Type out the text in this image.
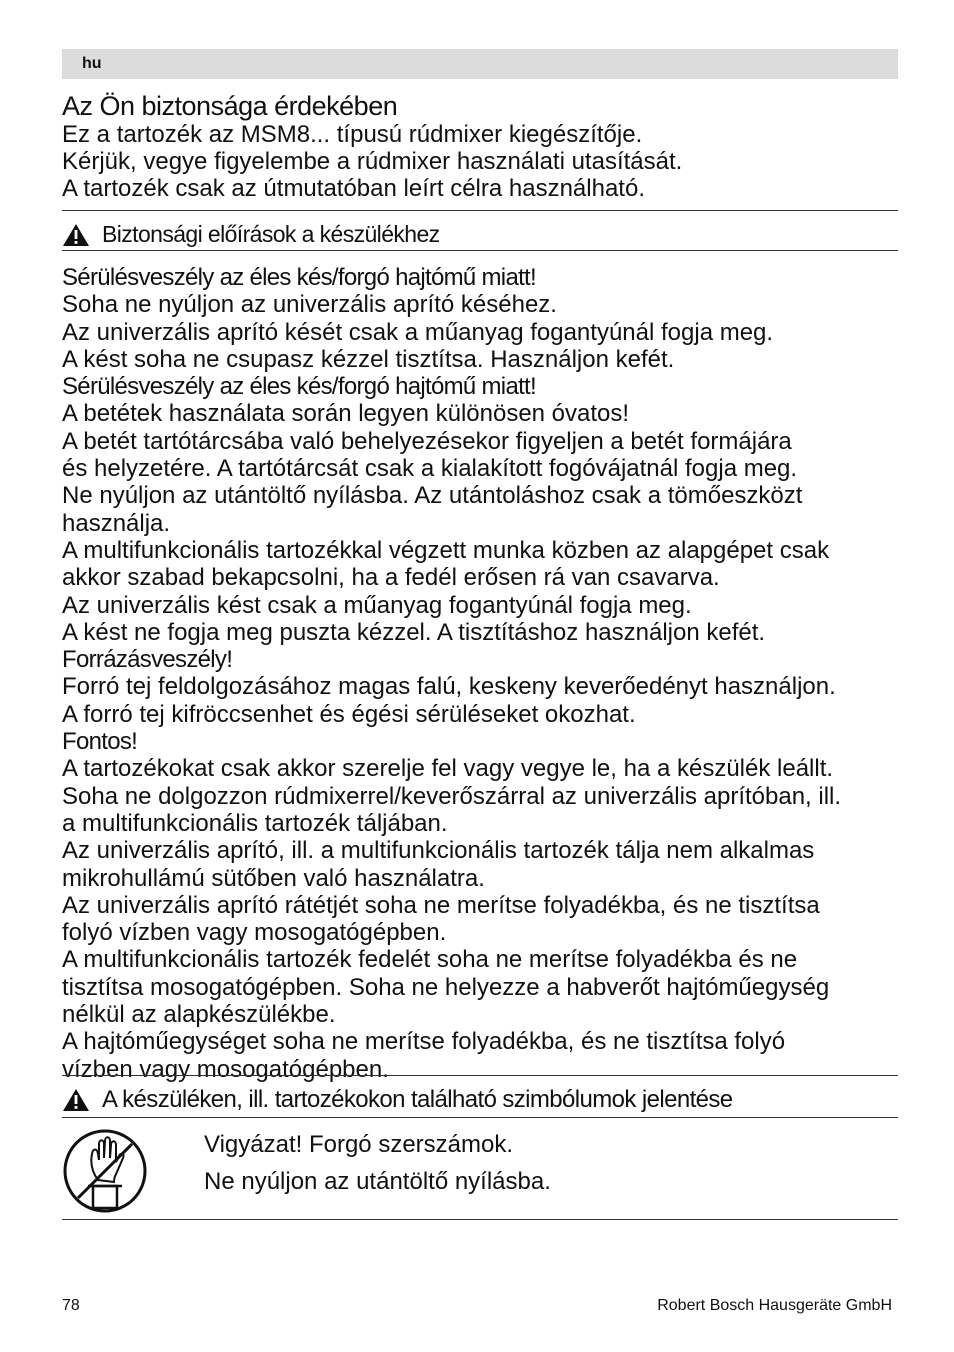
hu
Az Ön biztonsága érdekében
Ez a tartozék az MSM8... típusú rúdmixer kiegészítője.
Kérjük, vegye figyelembe a rúdmixer használati utasítását.
A tartozék csak az útmutatóban leírt célra használható.
Biztonsági előírások a készülékhez
Sérülésveszély az éles kés/forgó hajtómű miatt!
Soha ne nyúljon az univerzális aprító késéhez.
Az univerzális aprító kését csak a műanyag fogantyúnál fogja meg.
A kést soha ne csupasz kézzel tisztítsa. Használjon kefét.
Sérülésveszély az éles kés/forgó hajtómű miatt!
A betétek használata során legyen különösen óvatos!
A betét tartótárcsába való behelyezésekor figyeljen a betét formájára
és helyzetére. A tartótárcsát csak a kialakított fogóvájatnál fogja meg.
Ne nyúljon az utántöltő nyílásba. Az utántoláshoz csak a tömőeszközt
használja.
A multifunkcionális tartozékkal végzett munka közben az alapgépet csak
akkor szabad bekapcsolni, ha a fedél erősen rá van csavarva.
Az univerzális kést csak a műanyag fogantyúnál fogja meg.
A kést ne fogja meg puszta kézzel. A tisztításhoz használjon kefét.
Forrázásveszély!
Forró tej feldolgozásához magas falú, keskeny keverőedényt használjon.
A forró tej kifröccsenhet és égési sérüléseket okozhat.
Fontos!
A tartozékokat csak akkor szerelje fel vagy vegye le, ha a készülék leállt.
Soha ne dolgozzon rúdmixerrel/keverőszárral az univerzális aprítóban, ill.
a multifunkcionális tartozék táljában.
Az univerzális aprító, ill. a multifunkcionális tartozék tálja nem alkalmas
mikrohullámú sütőben való használatra.
Az univerzális aprító rátétjét soha ne merítse folyadékba, és ne tisztítsa
folyó vízben vagy mosogatógépben.
A multifunkcionális tartozék fedelét soha ne merítse folyadékba és ne
tisztítsa mosogatógépben. Soha ne helyezze a habverőt hajtóműegység
nélkül az alapkészülékbe.
A hajtóműegységet soha ne merítse folyadékba, és ne tisztítsa folyó
vízben vagy mosogatógépben.
A készüléken, ill. tartozékokon található szimbólumok jelentése
Vigyázat! Forgó szerszámok.
Ne nyúljon az utántöltő nyílásba.
78	Robert Bosch Hausgeräte GmbH
